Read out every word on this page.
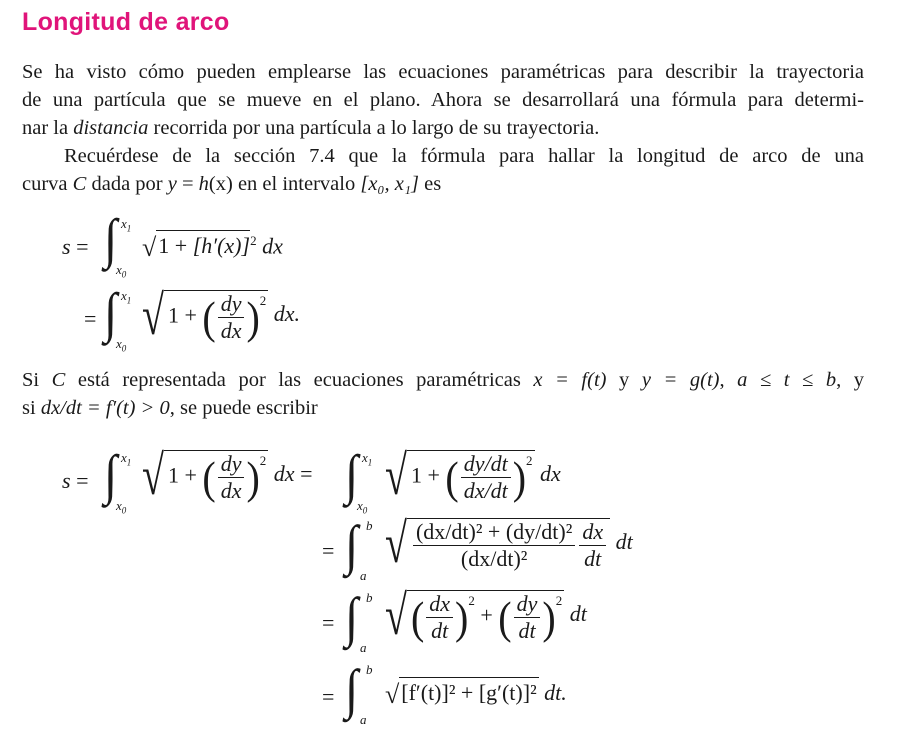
Longitud de arco
Se ha visto cómo pueden emplearse las ecuaciones paramétricas para describir la trayectoria
de una partícula que se mueve en el plano. Ahora se desarrollará una fórmula para determi-
nar la distancia recorrida por una partícula a lo largo de su trayectoria.
Recuérdese de la sección 7.4 que la fórmula para hallar la longitud de arco de una
curva C dada por y = h(x) en el intervalo [x₀, x₁] es
s = ∫ $x_1$
$x_0$
$√1 + [h'(x)]^2$ dx
= ∫ $x_1$
$x_0$
√ 1 + ( $\frac{dy}{dx} )^2$ dx.
Si C está representada por las ecuaciones paramétricas x = f(t) y y = g(t), a ≤ t ≤ b, y
si dx/dt = f′(t) > 0, se puede escribir
s = ∫ $x_1$
$x_0$
√ 1 + ( $\frac{dy}{dx} )^2$ dx = ∫ $x_1$
$x_0$
√ 1 + ( $\frac{dy/dt}{dx/dt} )^2$ dx
= ∫ b
a
√ $\frac{\text{(dx/dt)² + (dy/dt)²}}{\text{(dx/dt)²}} \frac{dx}{dt}$ dt
= ∫ b
a
√ ( $\frac{dx}{dt} )^2$ + ( $\frac{dy}{dt} )^2$ dt
= ∫ b
a
√[f′(t)]² + [g′(t)]² dt.
